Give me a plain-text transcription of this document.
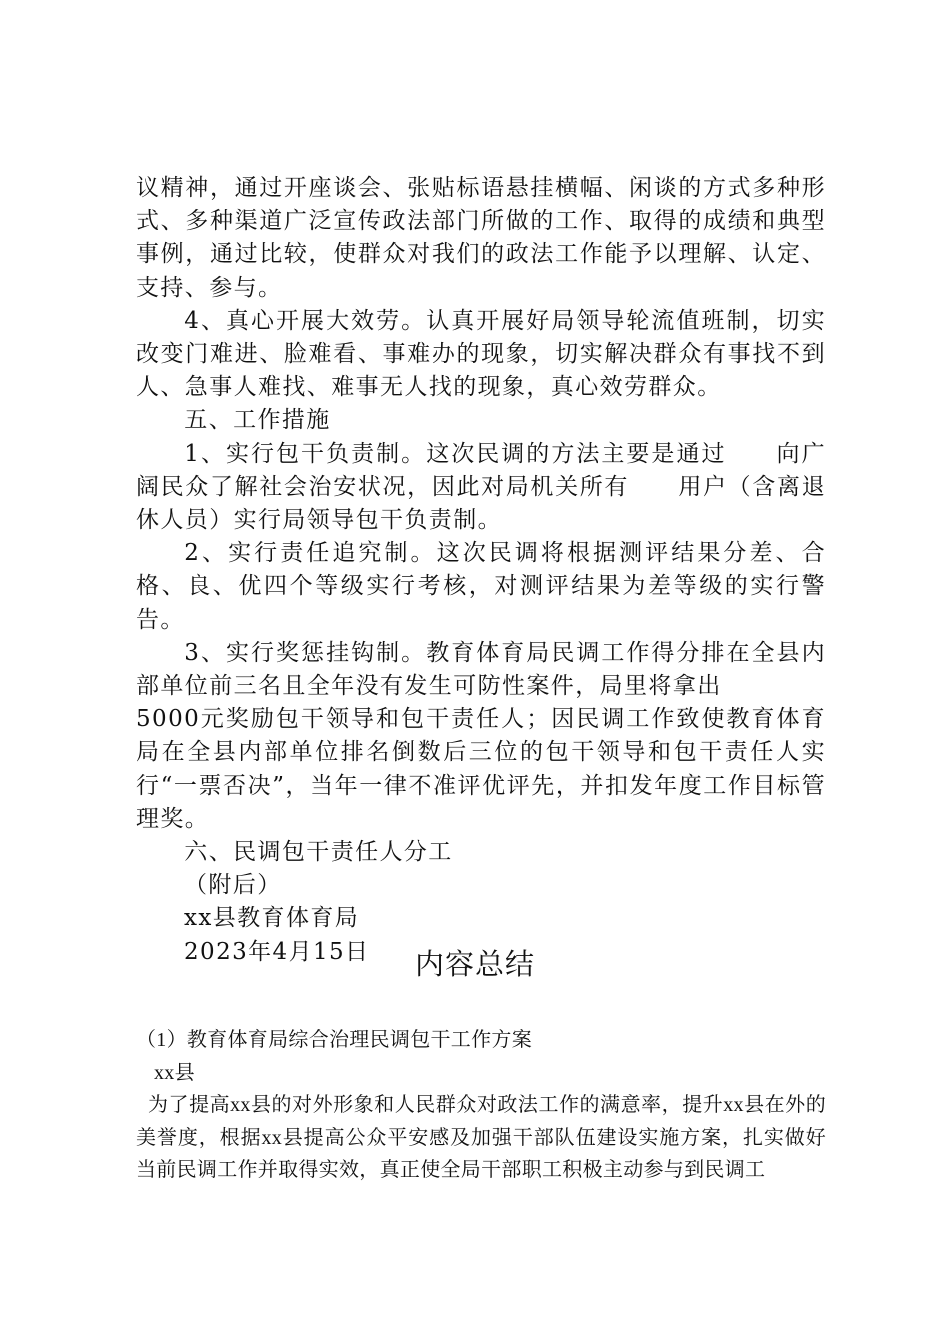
议精神，通过开座谈会、张贴标语悬挂横幅、闲谈的方式多种形式、多种渠道广泛宣传政法部门所做的工作、取得的成绩和典型事例，通过比较，使群众对我们的政法工作能予以理解、认定、支持、参与。

4、真心开展大效劳。认真开展好局领导轮流值班制，切实改变门难进、脸难看、事难办的现象，切实解决群众有事找不到人、急事人难找、难事无人找的现象，真心效劳群众。

五、工作措施

1、实行包干负责制。这次民调的方法主要是通过　　向广阔民众了解社会治安状况，因此对局机关所有　　用户（含离退休人员）实行局领导包干负责制。

2、实行责任追究制。这次民调将根据测评结果分差、合格、良、优四个等级实行考核，对测评结果为差等级的实行警告。

3、实行奖惩挂钩制。教育体育局民调工作得分排在全县内部单位前三名且全年没有发生可防性案件，局里将拿出

5000元奖励包干领导和包干责任人；因民调工作致使教育体育局在全县内部单位排名倒数后三位的包干领导和包干责任人实行“一票否决”，当年一律不准评优评先，并扣发年度工作目标管理奖。

六、民调包干责任人分工

（附后）

xx县教育体育局

2023年4月15日	内容总结

（1）教育体育局综合治理民调包干工作方案

xx县

为了提高xx县的对外形象和人民群众对政法工作的满意率，提升xx县在外的美誉度，根据xx县提高公众平安感及加强干部队伍建设实施方案，扎实做好当前民调工作并取得实效，真正使全局干部职工积极主动参与到民调工
